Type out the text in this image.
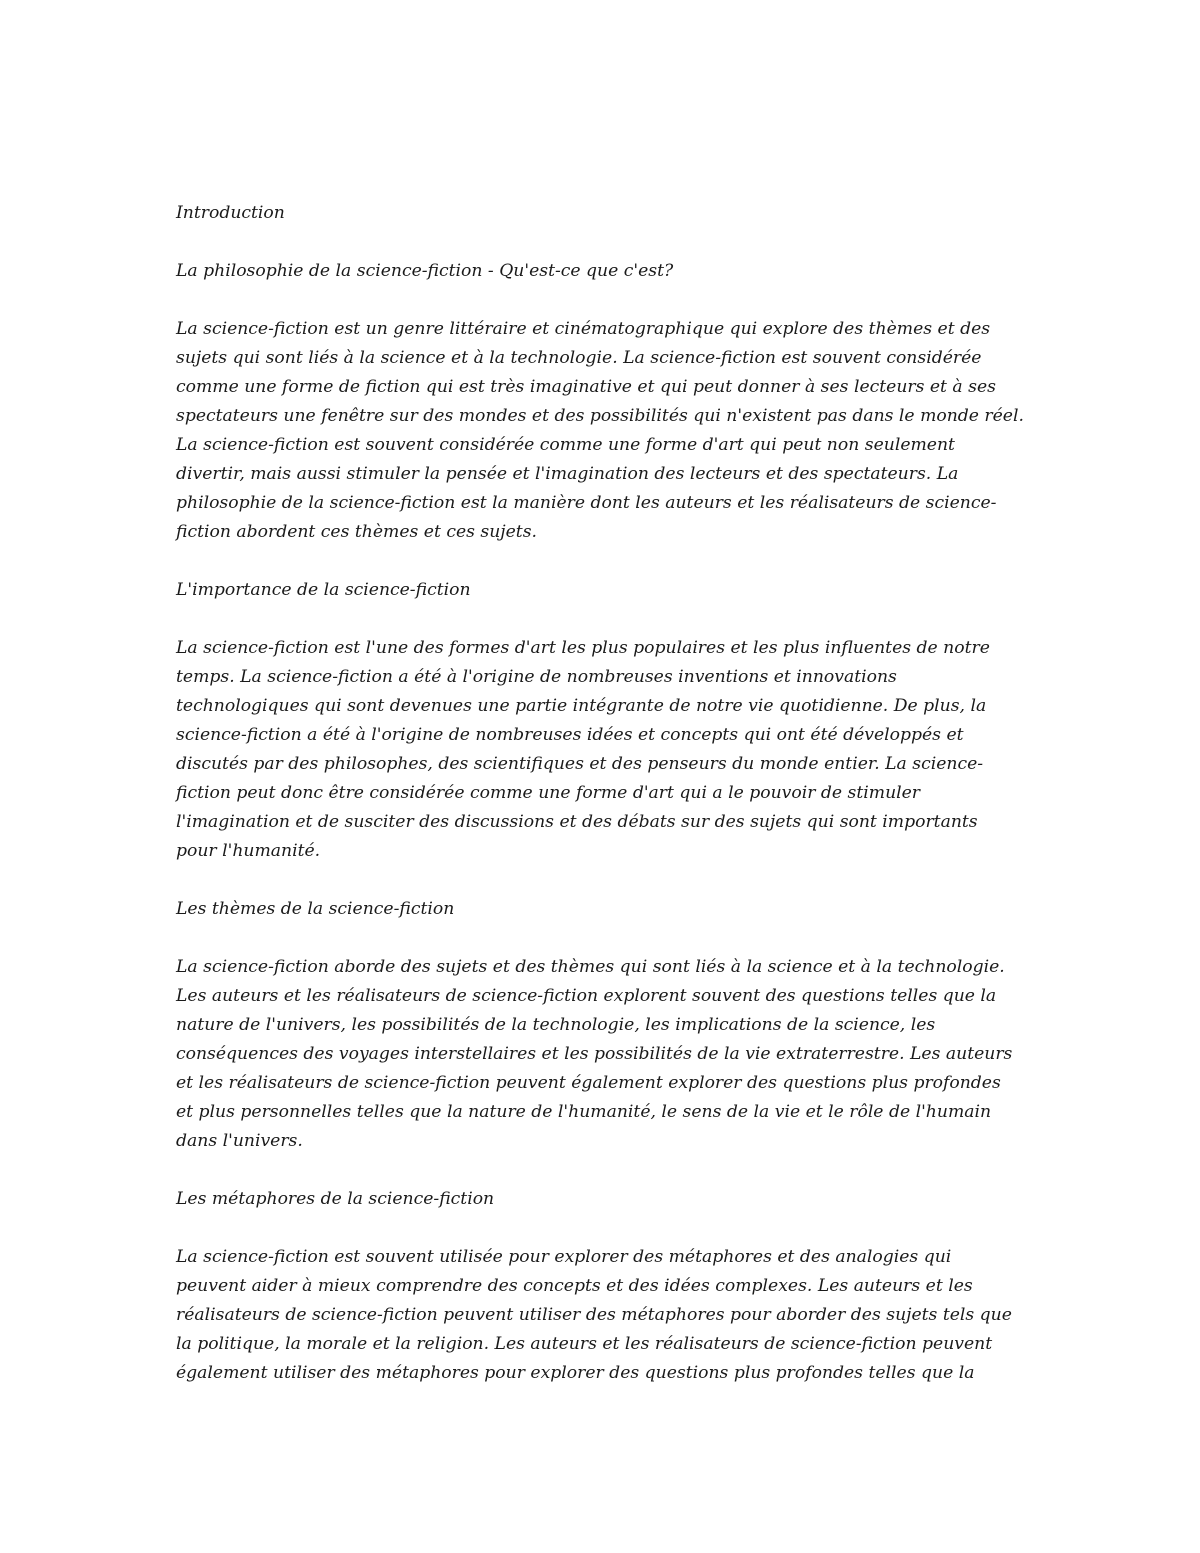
Introduction
La philosophie de la science-fiction - Qu'est-ce que c'est?
La science-fiction est un genre littéraire et cinématographique qui explore des thèmes et des
sujets qui sont liés à la science et à la technologie. La science-fiction est souvent considérée
comme une forme de fiction qui est très imaginative et qui peut donner à ses lecteurs et à ses
spectateurs une fenêtre sur des mondes et des possibilités qui n'existent pas dans le monde réel.
La science-fiction est souvent considérée comme une forme d'art qui peut non seulement
divertir, mais aussi stimuler la pensée et l'imagination des lecteurs et des spectateurs. La
philosophie de la science-fiction est la manière dont les auteurs et les réalisateurs de science-
fiction abordent ces thèmes et ces sujets.
L'importance de la science-fiction
La science-fiction est l'une des formes d'art les plus populaires et les plus influentes de notre
temps. La science-fiction a été à l'origine de nombreuses inventions et innovations
technologiques qui sont devenues une partie intégrante de notre vie quotidienne. De plus, la
science-fiction a été à l'origine de nombreuses idées et concepts qui ont été développés et
discutés par des philosophes, des scientifiques et des penseurs du monde entier. La science-
fiction peut donc être considérée comme une forme d'art qui a le pouvoir de stimuler
l'imagination et de susciter des discussions et des débats sur des sujets qui sont importants
pour l'humanité.
Les thèmes de la science-fiction
La science-fiction aborde des sujets et des thèmes qui sont liés à la science et à la technologie.
Les auteurs et les réalisateurs de science-fiction explorent souvent des questions telles que la
nature de l'univers, les possibilités de la technologie, les implications de la science, les
conséquences des voyages interstellaires et les possibilités de la vie extraterrestre. Les auteurs
et les réalisateurs de science-fiction peuvent également explorer des questions plus profondes
et plus personnelles telles que la nature de l'humanité, le sens de la vie et le rôle de l'humain
dans l'univers.
Les métaphores de la science-fiction
La science-fiction est souvent utilisée pour explorer des métaphores et des analogies qui
peuvent aider à mieux comprendre des concepts et des idées complexes. Les auteurs et les
réalisateurs de science-fiction peuvent utiliser des métaphores pour aborder des sujets tels que
la politique, la morale et la religion. Les auteurs et les réalisateurs de science-fiction peuvent
également utiliser des métaphores pour explorer des questions plus profondes telles que la
